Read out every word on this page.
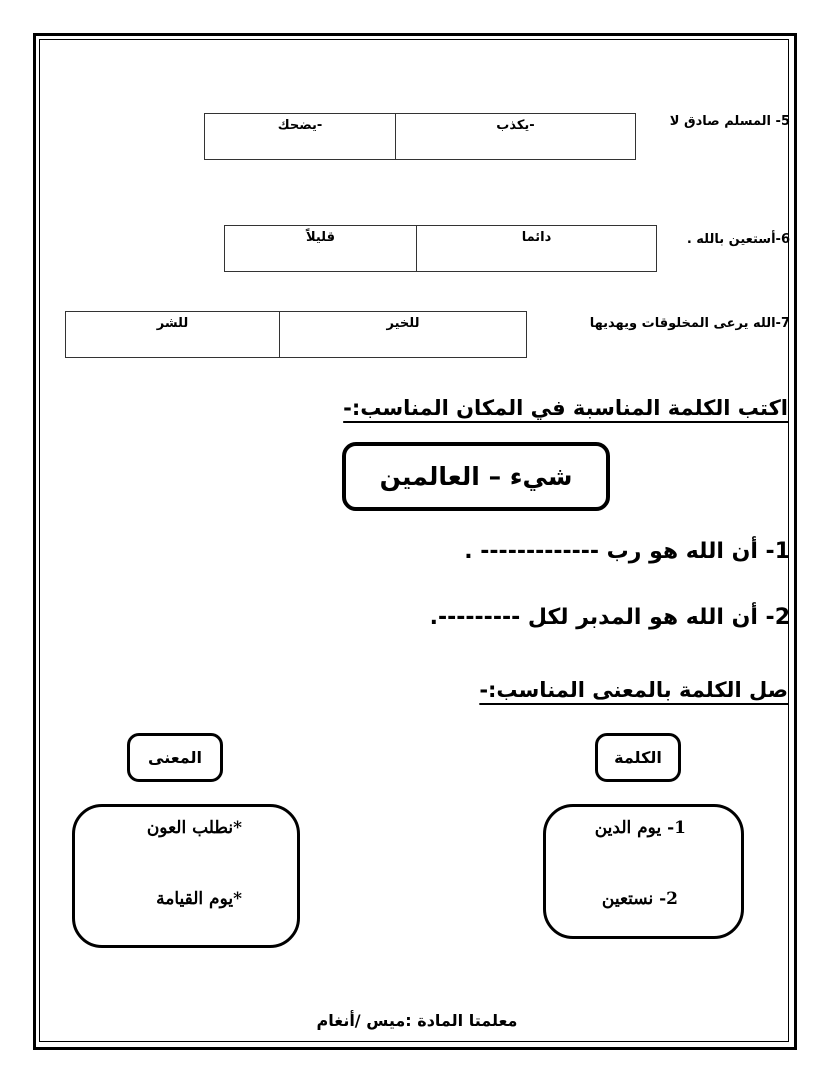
5- المسلم صادق لا
-يضحك	-يكذب
6-أستعين بالله .
قليلاً	دائما
7-الله يرعى المخلوقات ويهديها
للشر	للخير
اكتب الكلمة المناسبة في المكان المناسب:-
شيء – العالمين
1- أن الله هو رب ------------- .
2- أن الله هو المدبر لكل ---------.
صل الكلمة بالمعنى المناسب:-
المعنى	الكلمة
*نطلب العون
*يوم القيامة
1- يوم الدين
2- نستعين
معلمتا المادة :ميس /أنغام
